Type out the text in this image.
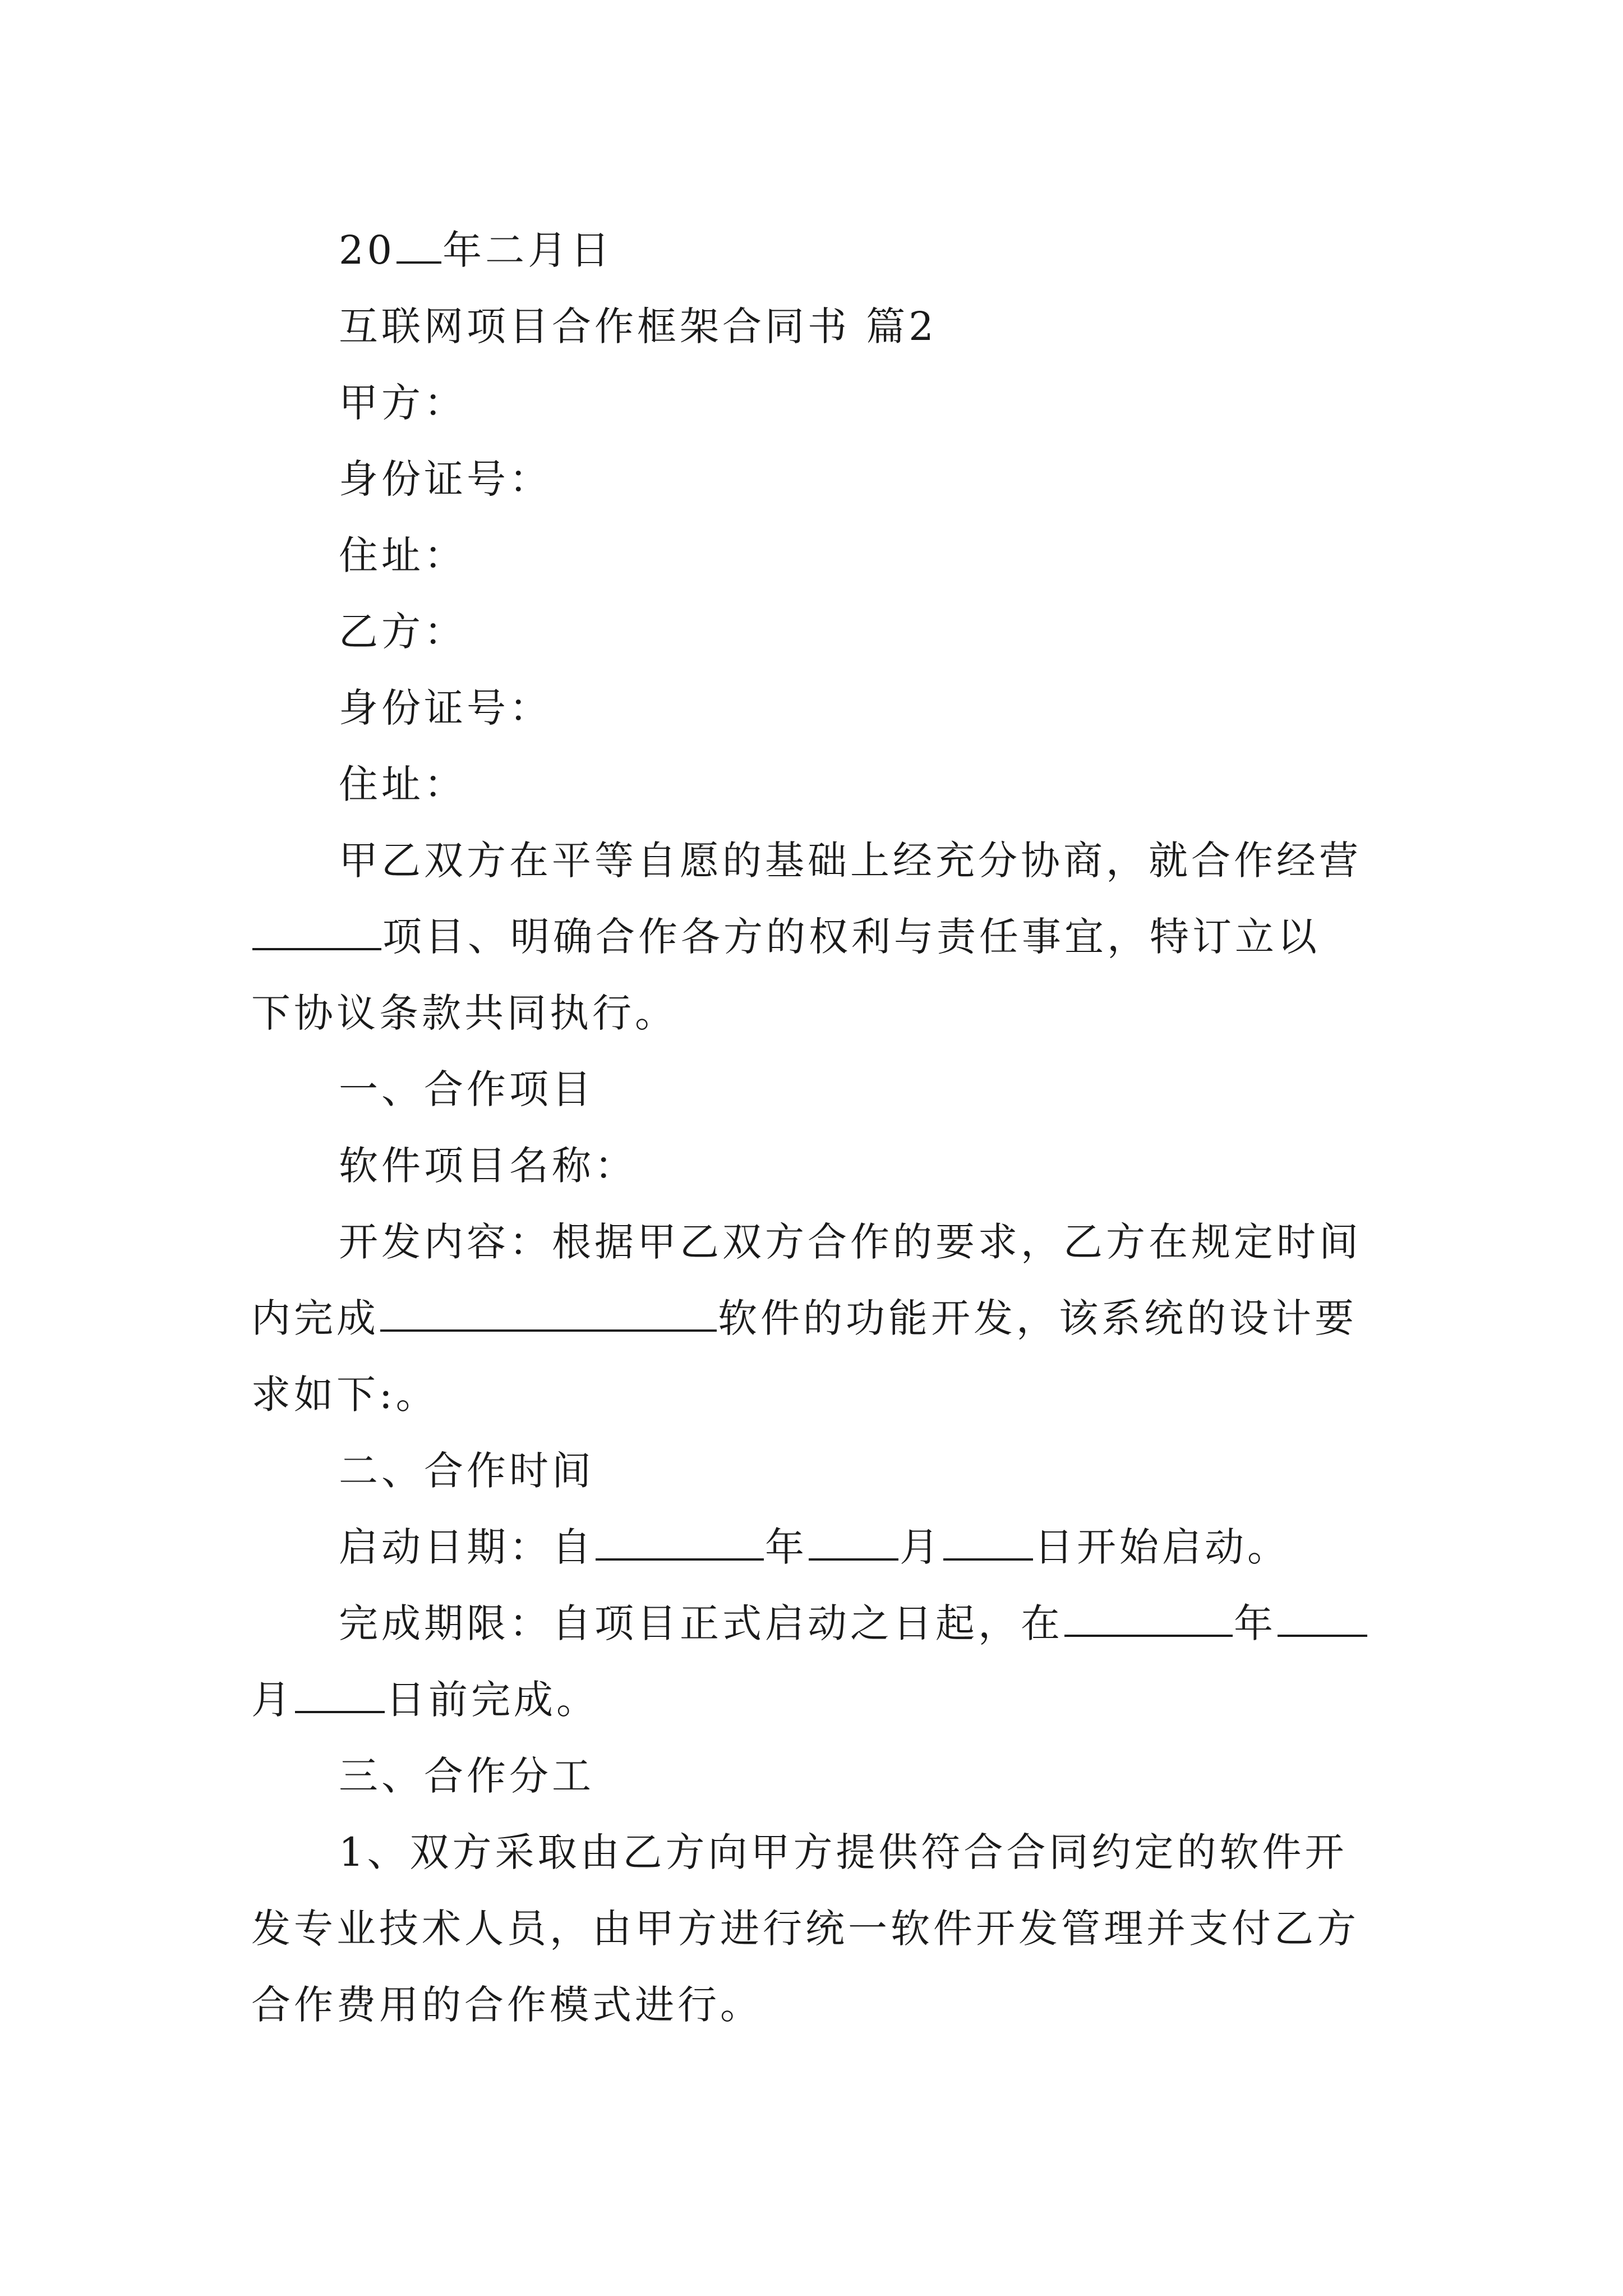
20 年二月日
互联网项目合作框架合同书 篇2
甲方：
身份证号：
住址：
乙方：
身份证号：
住址：
甲乙双方在平等自愿的基础上经充分协商，就合作经营
项目、明确合作各方的权利与责任事宜，特订立以
下协议条款共同执行。
一、合作项目
软件项目名称：
开发内容：根据甲乙双方合作的要求，乙方在规定时间
内完成	软件的功能开发，该系统的设计要
求如下:。
二、合作时间
启动日期：自	年 月 日开始启动。
完成期限：自项目正式启动之日起，在	年
月 日前完成。
三、合作分工
1、双方采取由乙方向甲方提供符合合同约定的软件开
发专业技术人员，由甲方进行统一软件开发管理并支付乙方
合作费用的合作模式进行。
